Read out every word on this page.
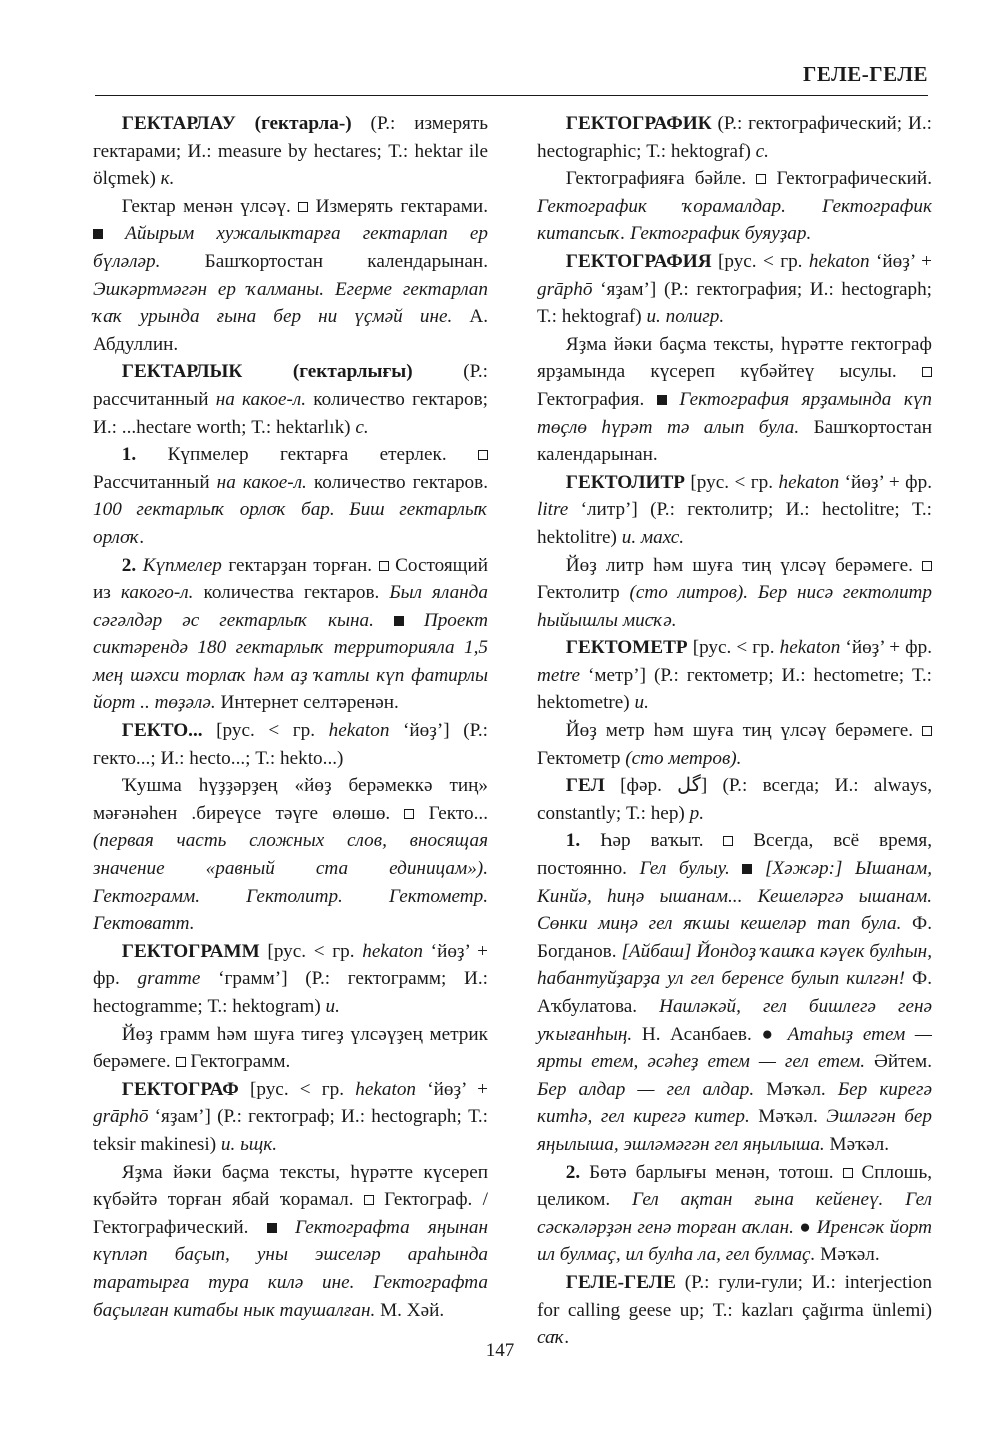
ГЕЛЕ-ГЕЛЕ

ГЕКТАРЛАУ (гектарла-) (Р.: измерять гектарами; И.: measure by hectares; Т.: hektar ile ölçmek) к.

Гектар менән үлсәү.  Измерять гектарами.  Айырым хужалыктарға гектарлап ер бүләләр. Башҡортостан календарынан. Эшкәртмәгән ер ҡалманы. Егерме гектарлап ҡаҡ урында ғына бер ни үҫмәй ине. А. Абдуллин.

ГЕКТАРЛЫК (гектарлығы) (Р.: рассчитанный на какое-л. количество гектаров; И.: ...hectare worth; Т.: hektarlık) с.

1. Күпмелер гектарға етерлек.  Рассчитанный на какое-л. количество гектаров. 100 гектарлыҡ орлоҡ бар. Биш гектарлыҡ орлоҡ.

2. Күпмелер гектарҙан торған.  Состоящий из какого-л. количества гектаров. Был яланда сәгәлдәр әс гектарлыҡ кына.  Проект сиктәрендә 180 гектарлыҡ территорияла 1,5 мең шәхси торлаҡ һәм аҙ ҡатлы күп фатирлы йорт .. төҙәлә. Интернет селтәренән.

ГЕКТО... [рус. < гр. hekaton ‘йөҙ’] (Р.: гекто...; И.: hecto...; Т.: hekto...)

Ҡушма һүҙҙәрҙең «йөҙ берәмеккә тиң» мәғәнәһен .биреүсе тәүге өлөшө.  Гекто... (первая часть сложных слов, вносящая значение «равный ста единицам»). Гектограмм. Гектолитр. Гектометр. Гектоватт.

ГЕКТОГРАММ [рус. < гр. hekaton ‘йөҙ’ + фр. gramme ‘грамм’] (Р.: гектограмм; И.: hectogramme; Т.: hektogram) и.

Йөҙ грамм һәм шуға тигеҙ үлсәүҙең метрик берәмеге.  Гектограмм.

ГЕКТОГРАФ [рус. < гр. hekaton ‘йөҙ’ + grāphō ‘яҙам’] (Р.: гектограф; И.: hectograph; Т.: teksir makinesi) и. ьщк.

Яҙма йәки баҫма тексты, һүрәтте күсереп күбәйтә торған ябай ҡорамал.  Гектограф. / Гектографический.  Гектографта яңынан күпләп баҫып, уны эшселәр араһында таратырға тура килә ине. Гектографта баҫылған китабы нык таушалған. М. Хәй.

ГЕКТОГРАФИК (Р.: гектографический; И.: hectographic; Т.: hektograf) с.

Гектографияға бәйле.  Гектографический. Гектографик ҡорамалдар. Гектографик китапсыҡ. Гектографик буяуҙар.

ГЕКТОГРАФИЯ [рус. < гр. hekaton ‘йөҙ’ + grāphō ‘яҙам’] (Р.: гектография; И.: hectograph; Т.: hektograf) и. полигр.

Яҙма йәки баҫма тексты, һүрәтте гектограф ярҙамында күсереп күбәйтеү ысулы.  Гектография.  Гектография ярҙамында күп төҫлө һүрәт тә алып була. Башҡортостан календарынан.

ГЕКТОЛИТР [рус. < гр. hekaton ‘йөҙ’ + фр. litre ‘литр’] (Р.: гектолитр; И.: hectolitre; Т.: hektolitre) и. махс.

Йөҙ литр һәм шуға тиң үлсәү берәмеге.  Гектолитр (сто литров). Бер нисә гектолитр һыйышлы мисҡә.

ГЕКТОМЕТР [рус. < гр. hekaton ‘йөҙ’ + фр. metre ‘метр’] (Р.: гектометр; И.: hectometre; Т.: hektometre) и.

Йөҙ метр һәм шуға тиң үлсәү берәмеге.  Гектометр (сто метров).

ГЕЛ [фәр. گل] (Р.: всегда; И.: always, constantly; Т.: hep) р.

1. Һәр ваҡыт.  Всегда, всё время, постоянно. Гел булыу.  [Хәжәр:] Ышанам, Кинйә, һиңә ышанам... Кешеләргә ышанам. Сөнки миңә гел яҡшы кешеләр тап була. Ф. Богданов. [Айбаш] Йондоҙ ҡашҡа кәүек булһын, һабантуйҙарҙа ул гел беренсе булып килгән! Ф. Аҡбулатова. Наиләкәй, гел бишлегә генә уҡығанһың. Н. Асанбаев. ● Атаһыҙ етем — ярты етем, әсәһеҙ етем — гел етем. Әйтем. Бер алдар — гел алдар. Мәҡәл. Бер кирегә китһә, гел кирегә китер. Мәҡәл. Эшләгән бер яңылыша, эшләмәгән гел яңылыша. Мәҡәл.

2. Бөтә барлығы менән, тотош.  Сплошь, целиком. Гел ақтан ғына кейенеү. Гел сәскәләрҙән генә торған аҡлан. ● Иренсәк йорт ил булмаҫ, ил булһа ла, гел булмаҫ. Мәҡәл.

ГЕЛЕ-ГЕЛЕ (Р.: гули-гули; И.: interjection for calling geese up; Т.: kazları çağırma ünlemi) саҡ.

147
